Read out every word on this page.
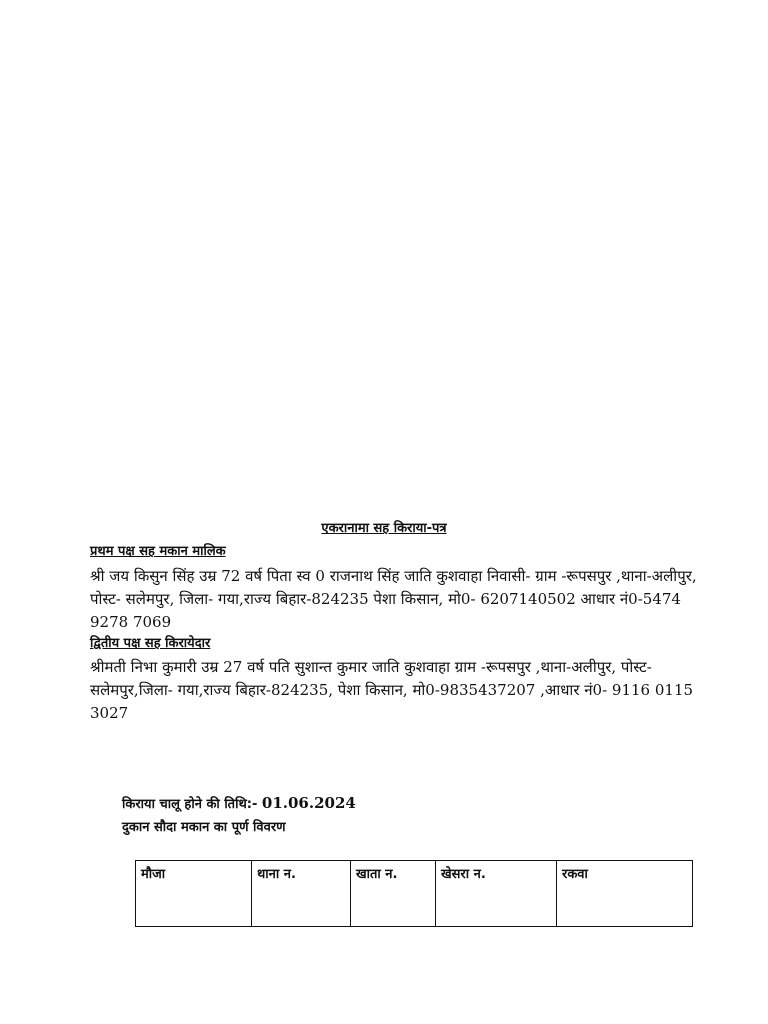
एकरानामा सह किराया-पत्र
प्रथम पक्ष सह मकान मालिक
श्री जय किसुन सिंह उम्र 72 वर्ष पिता स्व 0 राजनाथ सिंह जाति कुशवाहा निवासी- ग्राम -रूपसपुर ,थाना-अलीपुर,
पोस्ट- सलेमपुर, जिला- गया,राज्य बिहार-824235 पेशा किसान, मो0- 6207140502 आधार नं0-5474
9278 7069
द्वितीय पक्ष सह किरायेदार
श्रीमती निभा कुमारी उम्र 27 वर्ष पति सुशान्त कुमार जाति कुशवाहा ग्राम -रूपसपुर ,थाना-अलीपुर, पोस्ट-
सलेमपुर,जिला- गया,राज्य बिहार-824235, पेशा किसान, मो0-9835437207 ,आधार नं0- 9116 0115
3027
किराया चालू होने की तिथि:- 01.06.2024
दुकान सौदा मकान का पूर्ण विवरण
मौजा	थाना न.	खाता न.	खेसरा न.	रकवा
